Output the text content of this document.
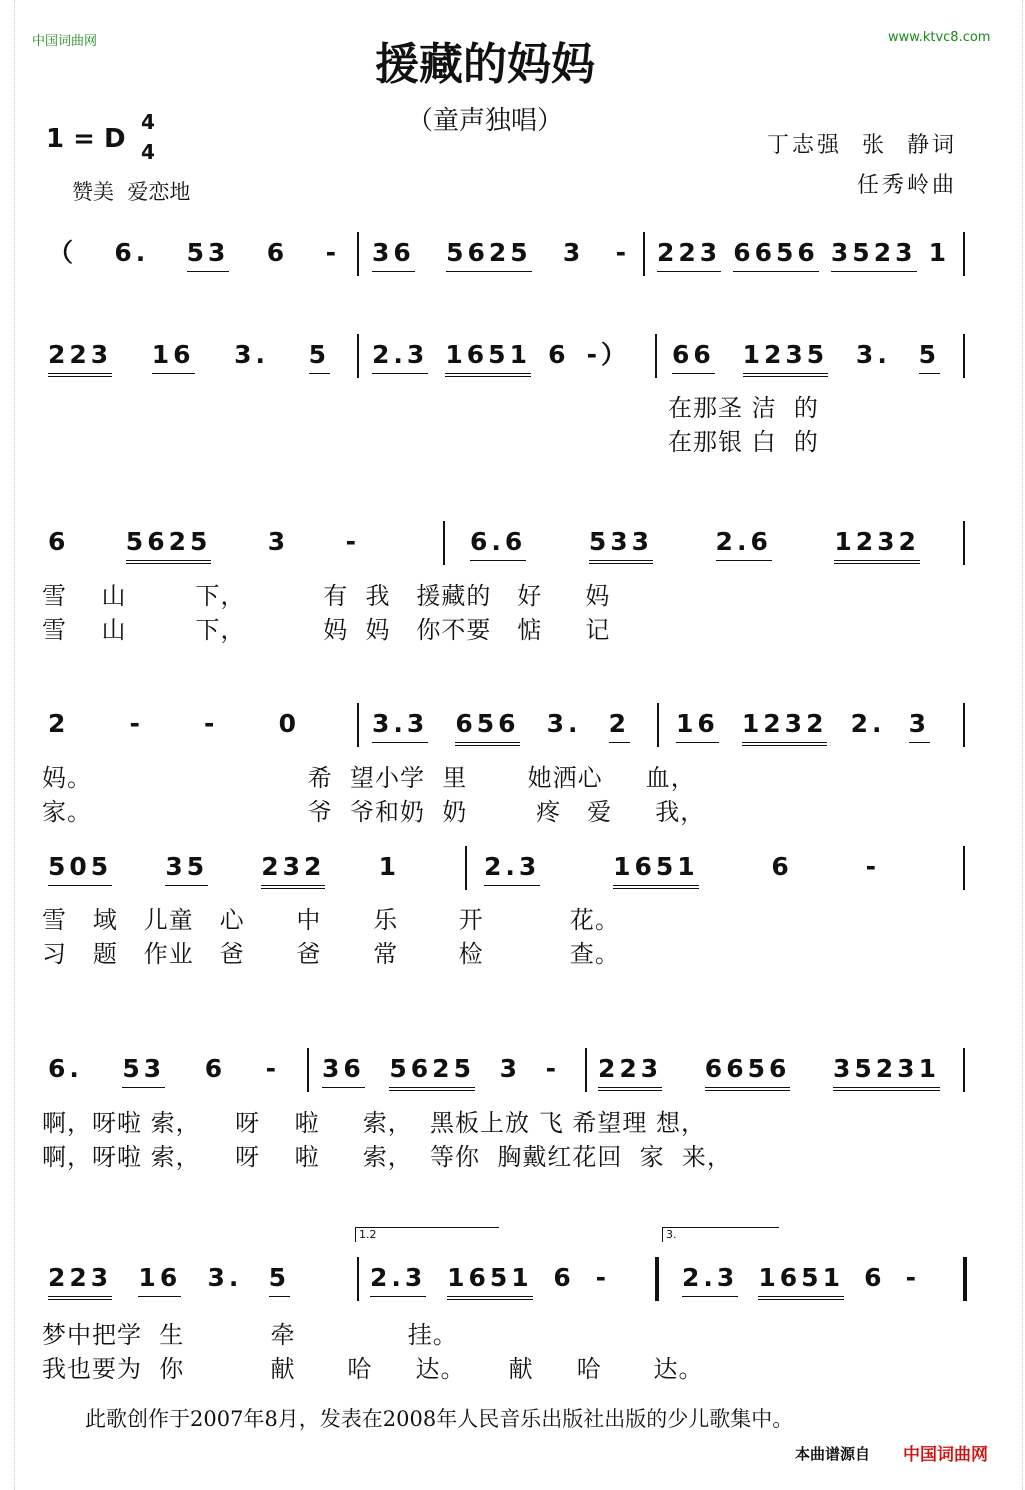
中国词曲网	www.ktvc8.com
援藏的妈妈
（童声独唱）
1 = D
4
4
赞美  爱恋地
丁志强  张  静词
任秀岭曲
（ 6. 53 6 - 36 5625 3 - 223 6656 3523 1
223 16 3. 5 2.3 1651 6 -） 66 1235 3. 5
在那圣 洁  的
在那银 白  的
6 5625 3 -	6.6	533	2.6	1232
雪    山        下，         有  我   援藏的   好     妈
雪    山        下，         妈  妈   你不要   惦     记
2 - - 0	3.3 656 3. 2 16 1232 2. 3
妈。                         希  望小学  里       她洒心     血，
家。                         爷  爷和奶  奶        疼   爱     我，
505 35 232 1	2.3	1651	6	-
雪   域   儿童   心      中      乐       开          花。
习   题   作业   爸      爸      常       检          查。
6. 53 6 - 36 5625 3 - 223 6656 35231
啊，呀啦 索，    呀    啦     索，  黑板上放 飞 希望理 想，
啊，呀啦 索，    呀    啦     索，  等你  胸戴红花回  家  来，
223 16 3. 5	2.3 1651 6 -	2.3 1651 6 -
1.2	3.
梦中把学  生          牵             挂。
我也要为  你          献      哈     达。     献     哈      达。
此歌创作于2007年8月，发表在2008年人民音乐出版社出版的少儿歌集中。
本曲谱源自 中国词曲网
